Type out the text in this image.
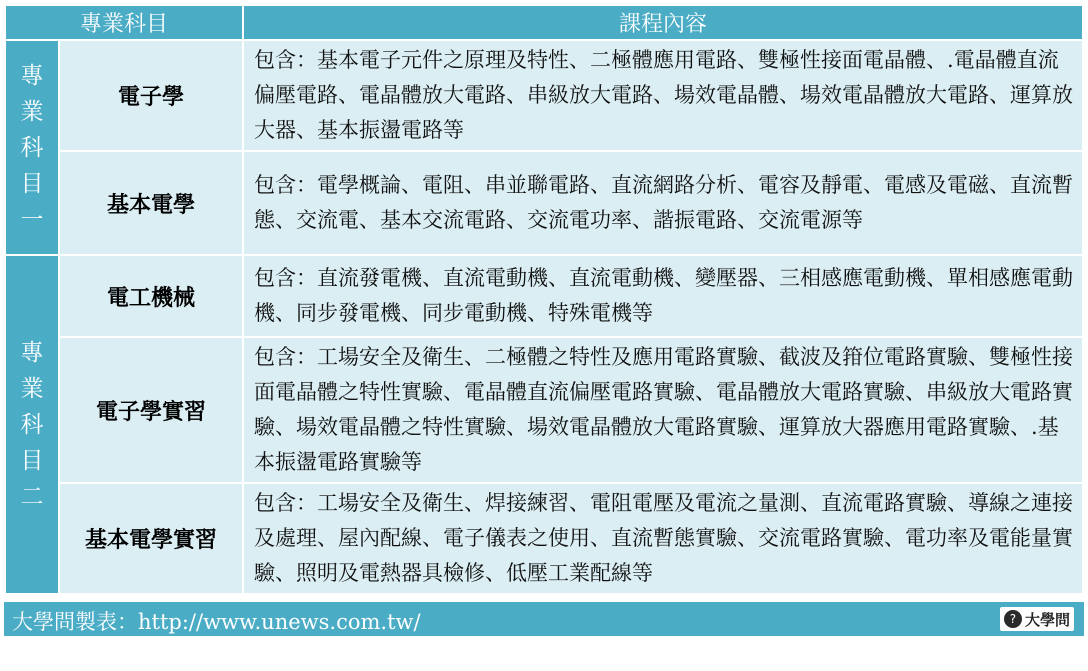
專業科目		課程內容

專
業
科
目
一	電子學	包含：基本電子元件之原理及特性、二極體應用電路、雙極性接面電晶體、.電晶體直流偏壓電路、電晶體放大電路、串級放大電路、場效電晶體、場效電晶體放大電路、運算放大器、基本振盪電路等
	基本電學	包含：電學概論、電阻、串並聯電路、直流網路分析、電容及靜電、電感及電磁、直流暫態、交流電、基本交流電路、交流電功率、諧振電路、交流電源等

專
業
科
目
二	電工機械	包含：直流發電機、直流電動機、直流電動機、變壓器、三相感應電動機、單相感應電動機、同步發電機、同步電動機、特殊電機等
	電子學實習	包含：工場安全及衛生、二極體之特性及應用電路實驗、截波及箝位電路實驗、雙極性接面電晶體之特性實驗、電晶體直流偏壓電路實驗、電晶體放大電路實驗、串級放大電路實驗、場效電晶體之特性實驗、場效電晶體放大電路實驗、運算放大器應用電路實驗、.基本振盪電路實驗等
	基本電學實習	包含：工場安全及衛生、焊接練習、電阻電壓及電流之量測、直流電路實驗、導線之連接及處理、屋內配線、電子儀表之使用、直流暫態實驗、交流電路實驗、電功率及電能量實驗、照明及電熱器具檢修、低壓工業配線等
大學問製表：http://www.unews.com.tw/	? 大學問
